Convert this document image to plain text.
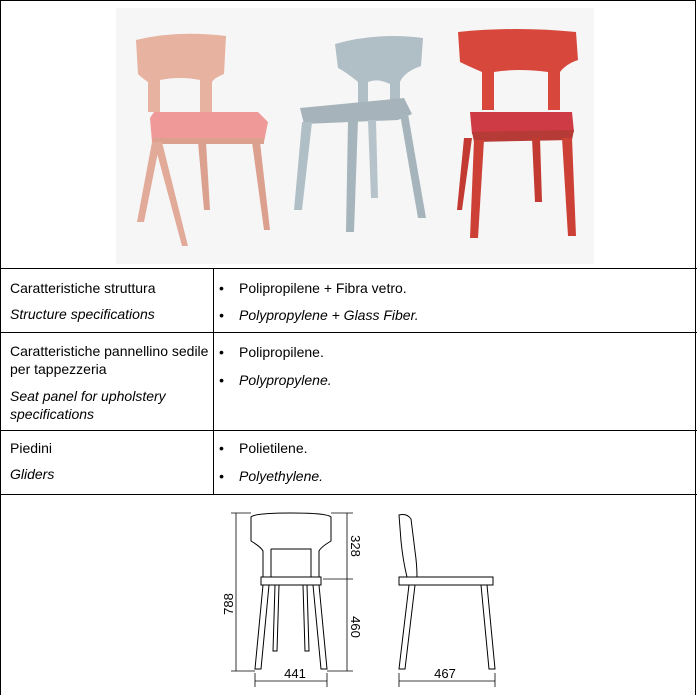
Caratteristiche struttura

Structure specifications

• Polipropilene + Fibra vetro.
• Polypropylene + Glass Fiber.

Caratteristiche pannellino sedile per tappezzeria

Seat panel for upholstery specifications

• Polipropilene.
• Polypropylene.

Piedini

Gliders

• Polietilene.
• Polyethylene.
788
328
460
441	467
